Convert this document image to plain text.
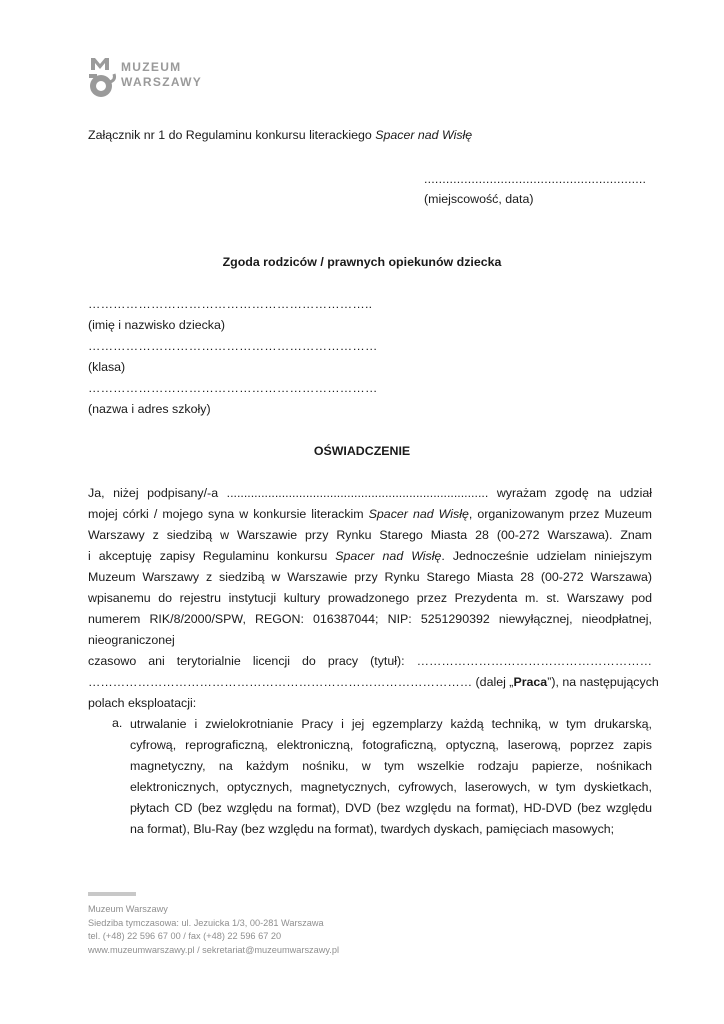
MUZEUM
WARSZAWY
Załącznik nr 1 do Regulaminu konkursu literackiego Spacer nad Wisłę
.............................................................
(miejscowość, data)
Zgoda rodziców / prawnych opiekunów dziecka
…………………………………………………………..
(imię i nazwisko dziecka)
……………………………………………………………
(klasa)
……………………………………………………………
(nazwa i adres szkoły)
OŚWIADCZENIE
Ja, niżej podpisany/-a ............................................................................ wyrażam zgodę na udział
mojej córki / mojego syna w konkursie literackim Spacer nad Wisłę, organizowanym przez Muzeum
Warszawy z siedzibą w Warszawie przy Rynku Starego Miasta 28 (00-272 Warszawa). Znam
i akceptuję zapisy Regulaminu konkursu Spacer nad Wisłę. Jednocześnie udzielam niniejszym
Muzeum Warszawy z siedzibą w Warszawie przy Rynku Starego Miasta 28 (00-272 Warszawa)
wpisanemu do rejestru instytucji kultury prowadzonego przez Prezydenta m. st. Warszawy pod
numerem RIK/8/2000/SPW, REGON: 016387044; NIP: 5251290392 niewyłącznej, nieodpłatnej,
nieograniczonej
czasowo ani terytorialnie licencji do pracy (tytuł): …………………………………………………
………………………………………………………………………………… (dalej „Praca”), na następujących
polach eksploatacji:
a. utrwalanie i zwielokrotnianie Pracy i jej egzemplarzy każdą techniką, w tym drukarską,
cyfrową, reprograficzną, elektroniczną, fotograficzną, optyczną, laserową, poprzez zapis
magnetyczny, na każdym nośniku, w tym wszelkie rodzaju papierze, nośnikach
elektronicznych, optycznych, magnetycznych, cyfrowych, laserowych, w tym dyskietkach,
płytach CD (bez względu na format), DVD (bez względu na format), HD-DVD (bez względu
na format), Blu-Ray (bez względu na format), twardych dyskach, pamięciach masowych;
Muzeum Warszawy
Siedziba tymczasowa: ul. Jezuicka 1/3, 00-281 Warszawa
tel. (+48) 22 596 67 00 / fax (+48) 22 596 67 20
www.muzeumwarszawy.pl / sekretariat@muzeumwarszawy.pl
